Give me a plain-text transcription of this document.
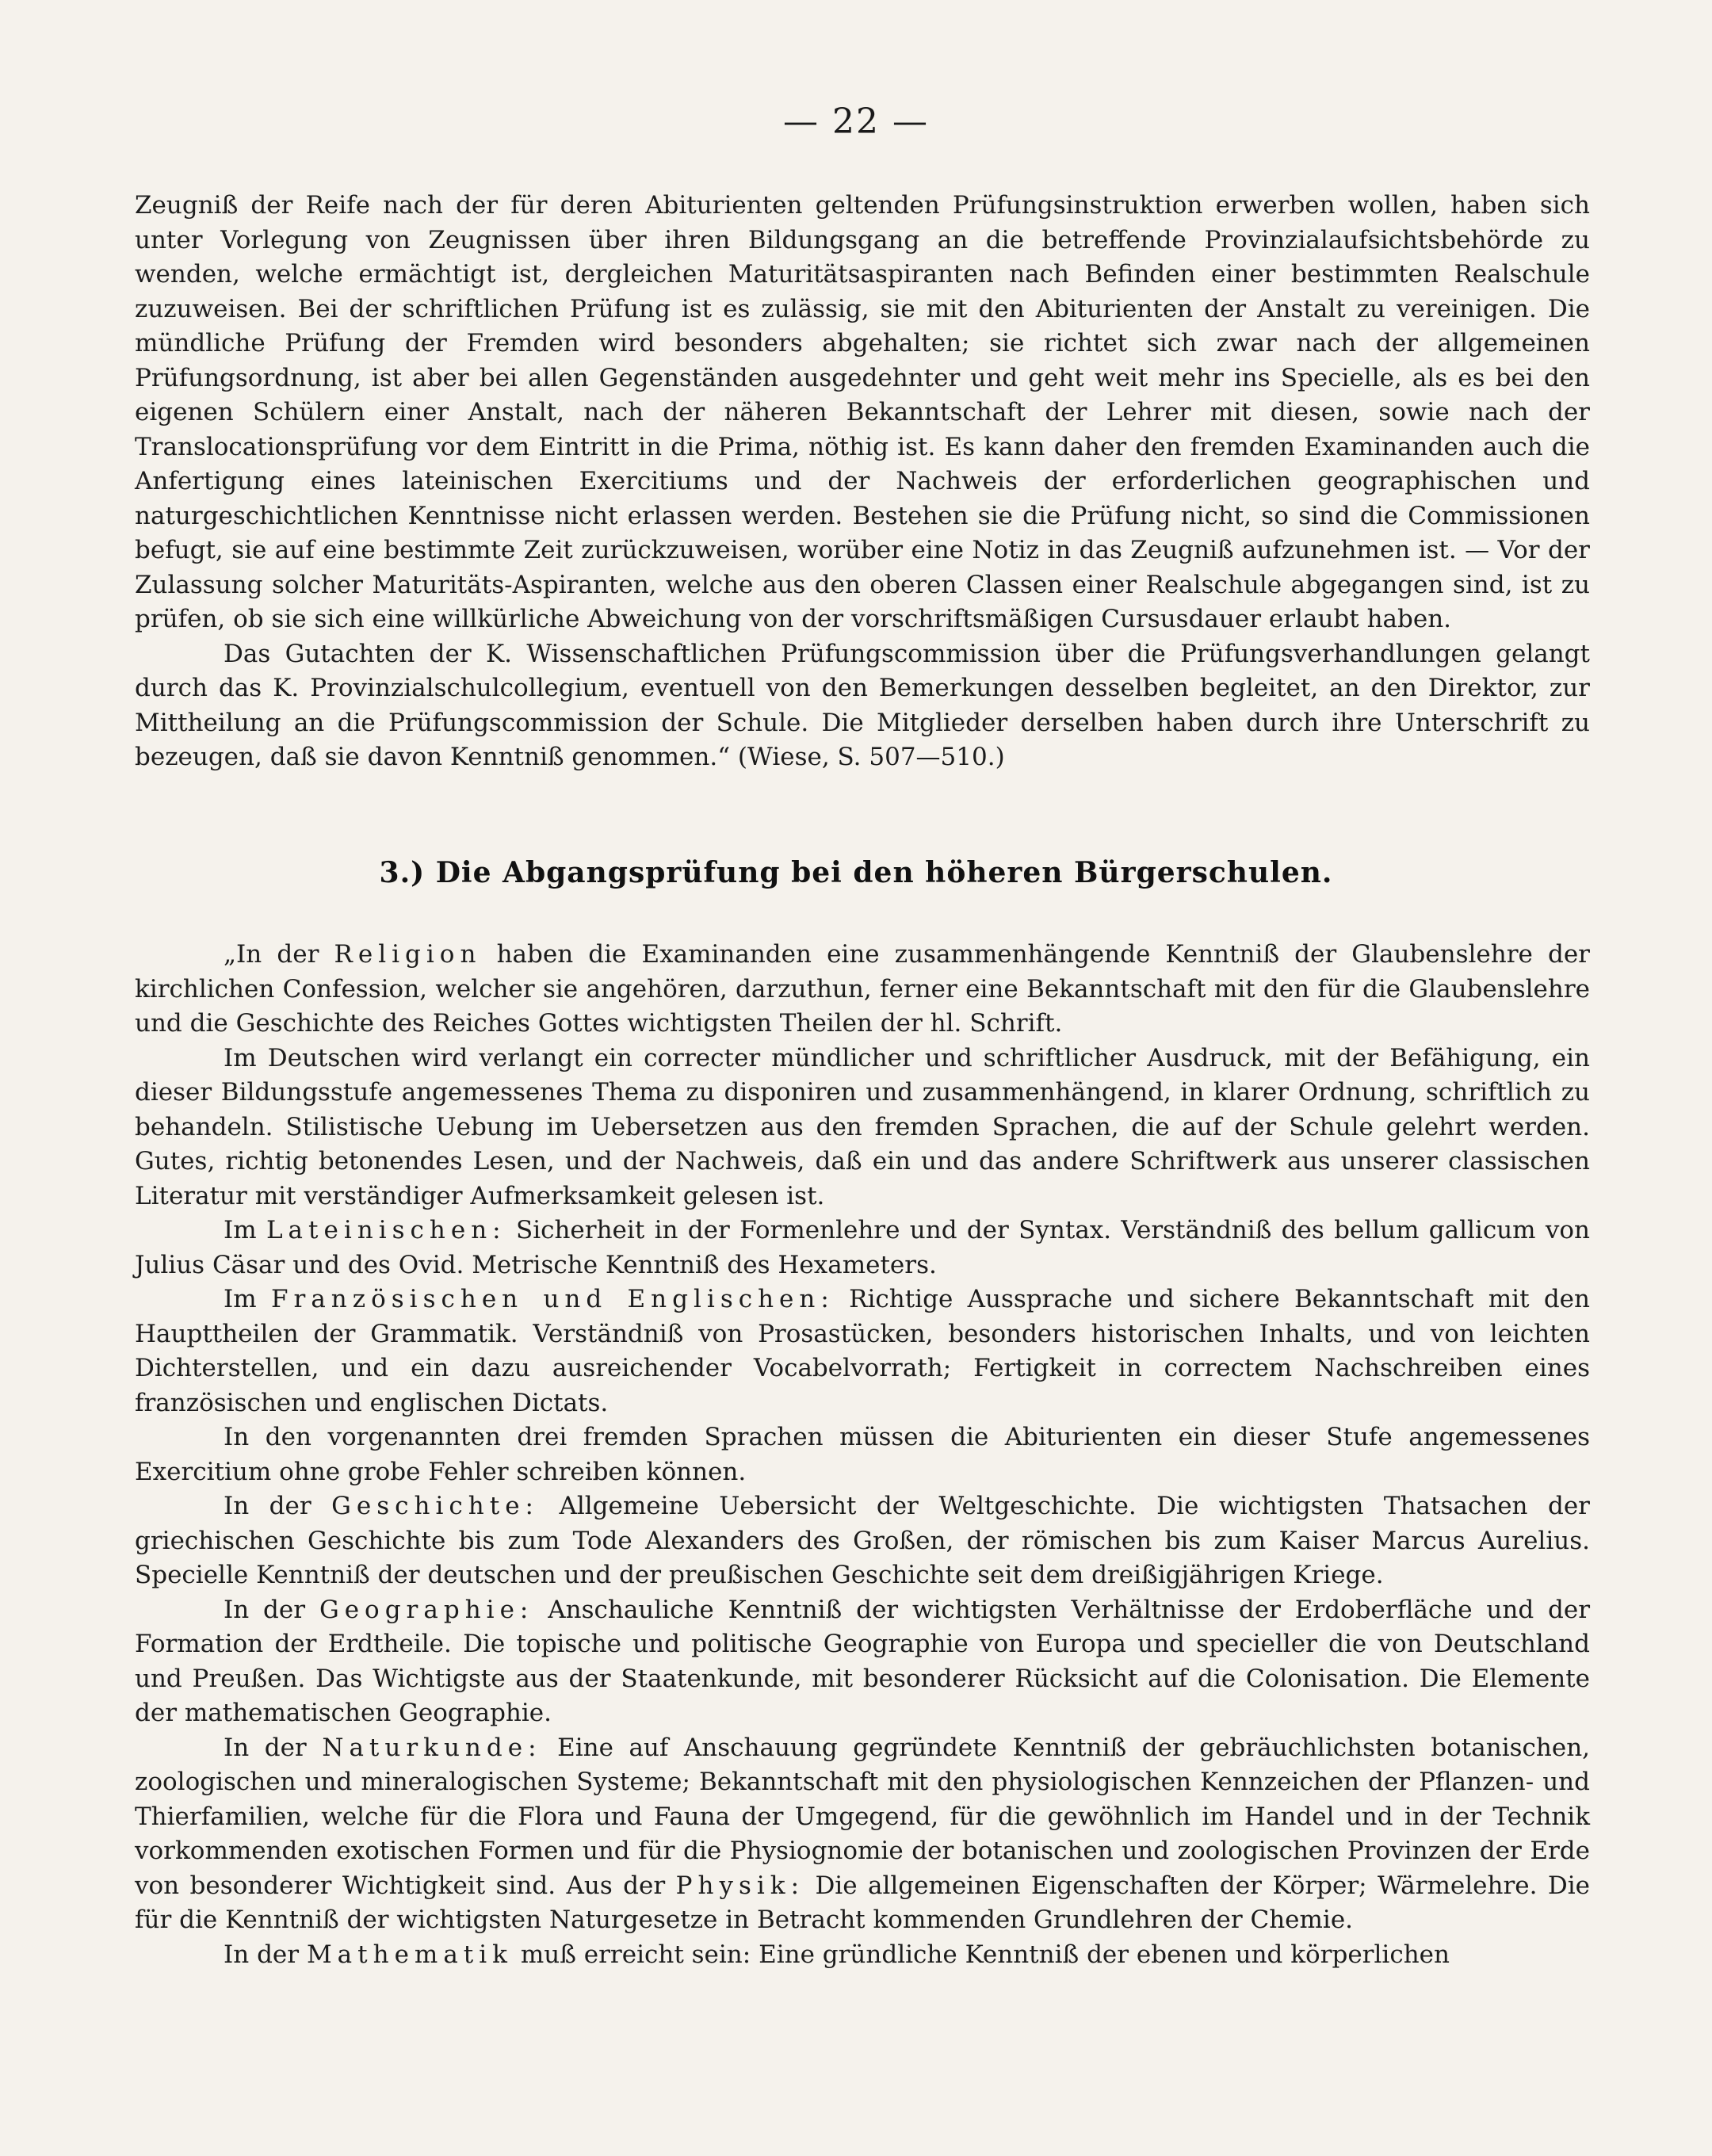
— 22 —

Zeugniß der Reife nach der für deren Abiturienten geltenden Prüfungsinstruktion erwerben wollen, haben sich unter Vorlegung von Zeugnissen über ihren Bildungsgang an die betreffende Provinzialaufsichtsbehörde zu wenden, welche ermächtigt ist, dergleichen Maturitätsaspiranten nach Befinden einer bestimmten Realschule zuzuweisen. Bei der schriftlichen Prüfung ist es zulässig, sie mit den Abiturienten der Anstalt zu vereinigen. Die mündliche Prüfung der Fremden wird besonders abgehalten; sie richtet sich zwar nach der allgemeinen Prüfungsordnung, ist aber bei allen Gegenständen ausgedehnter und geht weit mehr ins Specielle, als es bei den eigenen Schülern einer Anstalt, nach der näheren Bekanntschaft der Lehrer mit diesen, sowie nach der Translocationsprüfung vor dem Eintritt in die Prima, nöthig ist. Es kann daher den fremden Examinanden auch die Anfertigung eines lateinischen Exercitiums und der Nachweis der erforderlichen geographischen und naturgeschichtlichen Kenntnisse nicht erlassen werden. Bestehen sie die Prüfung nicht, so sind die Commissionen befugt, sie auf eine bestimmte Zeit zurückzuweisen, worüber eine Notiz in das Zeugniß aufzunehmen ist. — Vor der Zulassung solcher Maturitäts-Aspiranten, welche aus den oberen Classen einer Realschule abgegangen sind, ist zu prüfen, ob sie sich eine willkürliche Abweichung von der vorschriftsmäßigen Cursusdauer erlaubt haben.

Das Gutachten der K. Wissenschaftlichen Prüfungscommission über die Prüfungsverhandlungen gelangt durch das K. Provinzialschulcollegium, eventuell von den Bemerkungen desselben begleitet, an den Direktor, zur Mittheilung an die Prüfungscommission der Schule. Die Mitglieder derselben haben durch ihre Unterschrift zu bezeugen, daß sie davon Kenntniß genommen.“ (Wiese, S. 507—510.)

3.) Die Abgangsprüfung bei den höheren Bürgerschulen.

„In der Religion haben die Examinanden eine zusammenhängende Kenntniß der Glaubenslehre der kirchlichen Confession, welcher sie angehören, darzuthun, ferner eine Bekanntschaft mit den für die Glaubenslehre und die Geschichte des Reiches Gottes wichtigsten Theilen der hl. Schrift.

Im Deutschen wird verlangt ein correcter mündlicher und schriftlicher Ausdruck, mit der Befähigung, ein dieser Bildungsstufe angemessenes Thema zu disponiren und zusammenhängend, in klarer Ordnung, schriftlich zu behandeln. Stilistische Uebung im Uebersetzen aus den fremden Sprachen, die auf der Schule gelehrt werden. Gutes, richtig betonendes Lesen, und der Nachweis, daß ein und das andere Schriftwerk aus unserer classischen Literatur mit verständiger Aufmerksamkeit gelesen ist.

Im Lateinischen: Sicherheit in der Formenlehre und der Syntax. Verständniß des bellum gallicum von Julius Cäsar und des Ovid. Metrische Kenntniß des Hexameters.

Im Französischen und Englischen: Richtige Aussprache und sichere Bekanntschaft mit den Haupttheilen der Grammatik. Verständniß von Prosastücken, besonders historischen Inhalts, und von leichten Dichterstellen, und ein dazu ausreichender Vocabelvorrath; Fertigkeit in correctem Nachschreiben eines französischen und englischen Dictats.

In den vorgenannten drei fremden Sprachen müssen die Abiturienten ein dieser Stufe angemessenes Exercitium ohne grobe Fehler schreiben können.

In der Geschichte: Allgemeine Uebersicht der Weltgeschichte. Die wichtigsten Thatsachen der griechischen Geschichte bis zum Tode Alexanders des Großen, der römischen bis zum Kaiser Marcus Aurelius. Specielle Kenntniß der deutschen und der preußischen Geschichte seit dem dreißigjährigen Kriege.

In der Geographie: Anschauliche Kenntniß der wichtigsten Verhältnisse der Erdoberfläche und der Formation der Erdtheile. Die topische und politische Geographie von Europa und specieller die von Deutschland und Preußen. Das Wichtigste aus der Staatenkunde, mit besonderer Rücksicht auf die Colonisation. Die Elemente der mathematischen Geographie.

In der Naturkunde: Eine auf Anschauung gegründete Kenntniß der gebräuchlichsten botanischen, zoologischen und mineralogischen Systeme; Bekanntschaft mit den physiologischen Kennzeichen der Pflanzen- und Thierfamilien, welche für die Flora und Fauna der Umgegend, für die gewöhnlich im Handel und in der Technik vorkommenden exotischen Formen und für die Physiognomie der botanischen und zoologischen Provinzen der Erde von besonderer Wichtigkeit sind. Aus der Physik: Die allgemeinen Eigenschaften der Körper; Wärmelehre. Die für die Kenntniß der wichtigsten Naturgesetze in Betracht kommenden Grundlehren der Chemie.

In der Mathematik muß erreicht sein: Eine gründliche Kenntniß der ebenen und körperlichen
